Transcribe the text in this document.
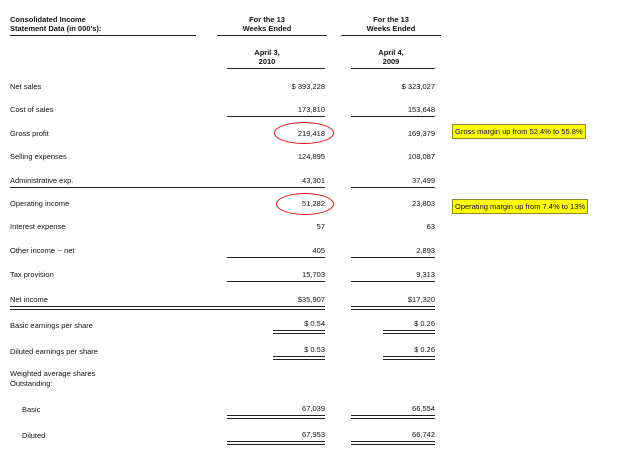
Consolidated Income
Statement Data (in 000's):
For the 13
Weeks Ended
For the 13
Weeks Ended
April 3,
2010
April 4,
2009
Net sales	$ 393,228	$ 323,027
Cost of sales	173,810	153,648
Gross profit	219,418	169,379
Selling expenses	124,895	108,087
Administrative exp.	43,301	37,499
Operating income	51,282	23,803
Interest expense	57	63
Other income -- net	405	2,893
Tax provision	15,703	9,313
Net income	$35,907	$17,320
Basic earnings per share	$ 0.54	$ 0.26
Diluted earnings per share	$ 0.53	$ 0.26
Weighted average shares
Outstanding:
Basic	67,039	66,554
Diluted	67,953	66,742
Gross margin up from 52.4% to 55.8%
Operating margin up from 7.4% to 13%
